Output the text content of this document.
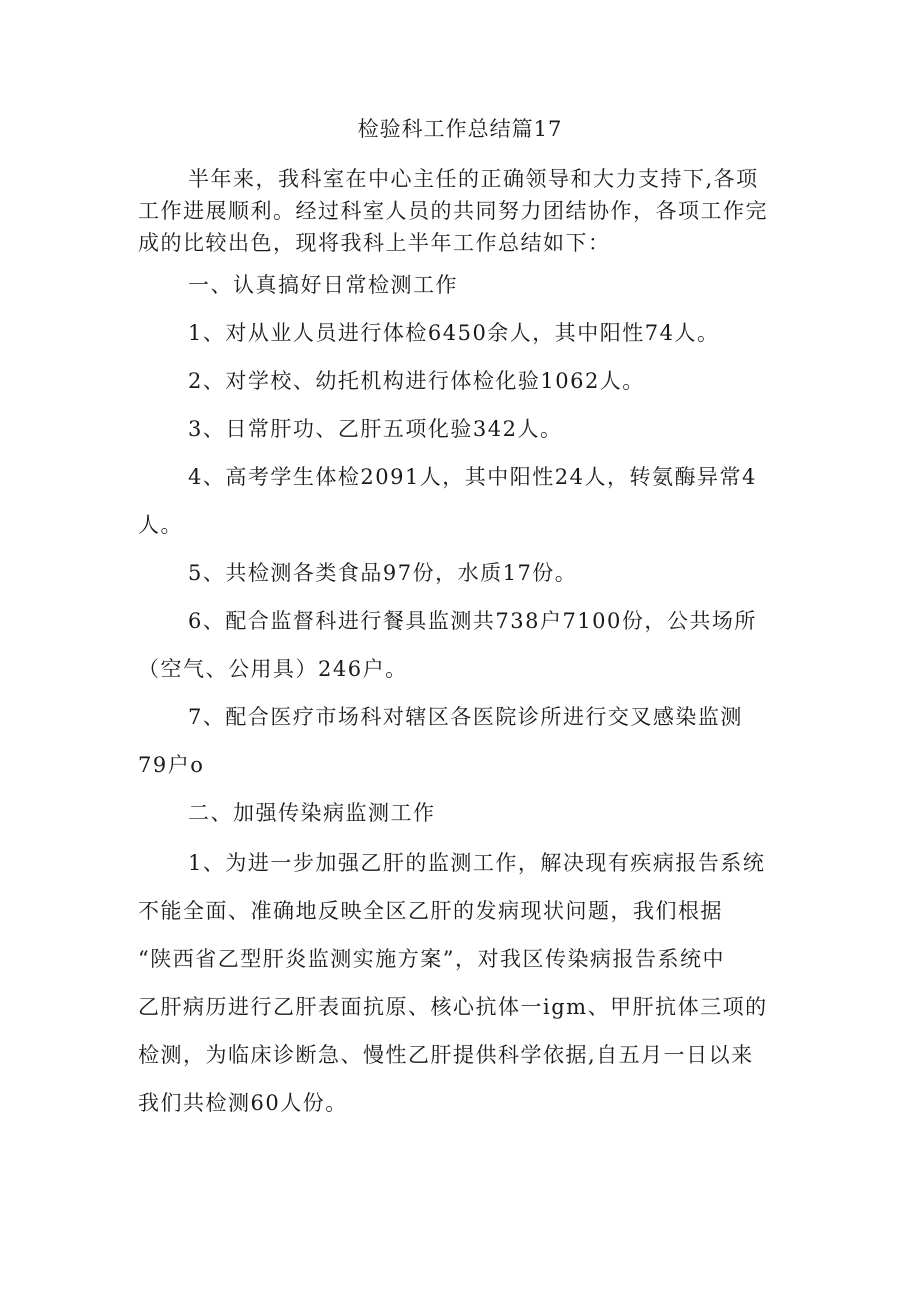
检验科工作总结篇17
半年来，我科室在中心主任的正确领导和大力支持下,各项
工作进展顺利。经过科室人员的共同努力团结协作，各项工作完
成的比较出色，现将我科上半年工作总结如下：
一、认真搞好日常检测工作
1、对从业人员进行体检6450余人，其中阳性74人。
2、对学校、幼托机构进行体检化验1062人。
3、日常肝功、乙肝五项化验342人。
4、高考学生体检2091人，其中阳性24人，转氨酶异常4
人。
5、共检测各类食品97份，水质17份。
6、配合监督科进行餐具监测共738户7100份，公共场所
（空气、公用具）246户。
7、配合医疗市场科对辖区各医院诊所进行交叉感染监测
79户o
二、加强传染病监测工作
1、为进一步加强乙肝的监测工作，解决现有疾病报告系统
不能全面、准确地反映全区乙肝的发病现状问题，我们根据
“陕西省乙型肝炎监测实施方案”，对我区传染病报告系统中
乙肝病历进行乙肝表面抗原、核心抗体一igm、甲肝抗体三项的
检测，为临床诊断急、慢性乙肝提供科学依据,自五月一日以来
我们共检测60人份。
